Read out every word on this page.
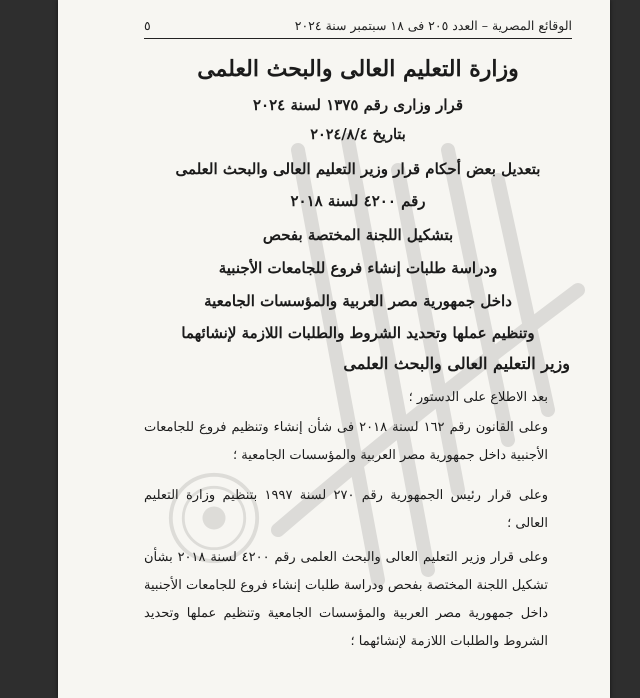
الوقائع المصرية – العدد ٢٠٥ فى ١٨ سبتمبر سنة ٢٠٢٤
٥
وزارة التعليم العالى والبحث العلمى
قرار وزارى رقم ١٣٧٥ لسنة ٢٠٢٤
بتاريخ ٢٠٢٤/٨/٤
بتعديل بعض أحكام قرار وزير التعليم العالى والبحث العلمى
رقم ٤٢٠٠ لسنة ٢٠١٨
بتشكيل اللجنة المختصة بفحص
ودراسة طلبات إنشاء فروع للجامعات الأجنبية
داخل جمهورية مصر العربية والمؤسسات الجامعية
وتنظيم عملها وتحديد الشروط والطلبات اللازمة لإنشائهما
وزير التعليم العالى والبحث العلمى
بعد الاطلاع على الدستور ؛
وعلى القانون رقم ١٦٢ لسنة ٢٠١٨ فى شأن إنشاء وتنظيم فروع للجامعات الأجنبية داخل جمهورية مصر العربية والمؤسسات الجامعية ؛
وعلى قرار رئيس الجمهورية رقم ٢٧٠ لسنة ١٩٩٧ بتنظيم وزارة التعليم العالى ؛
وعلى قرار وزير التعليم العالى والبحث العلمى رقم ٤٢٠٠ لسنة ٢٠١٨ بشأن تشكيل اللجنة المختصة بفحص ودراسة طلبات إنشاء فروع للجامعات الأجنبية داخل جمهورية مصر العربية والمؤسسات الجامعية وتنظيم عملها وتحديد الشروط والطلبات اللازمة لإنشائهما ؛
